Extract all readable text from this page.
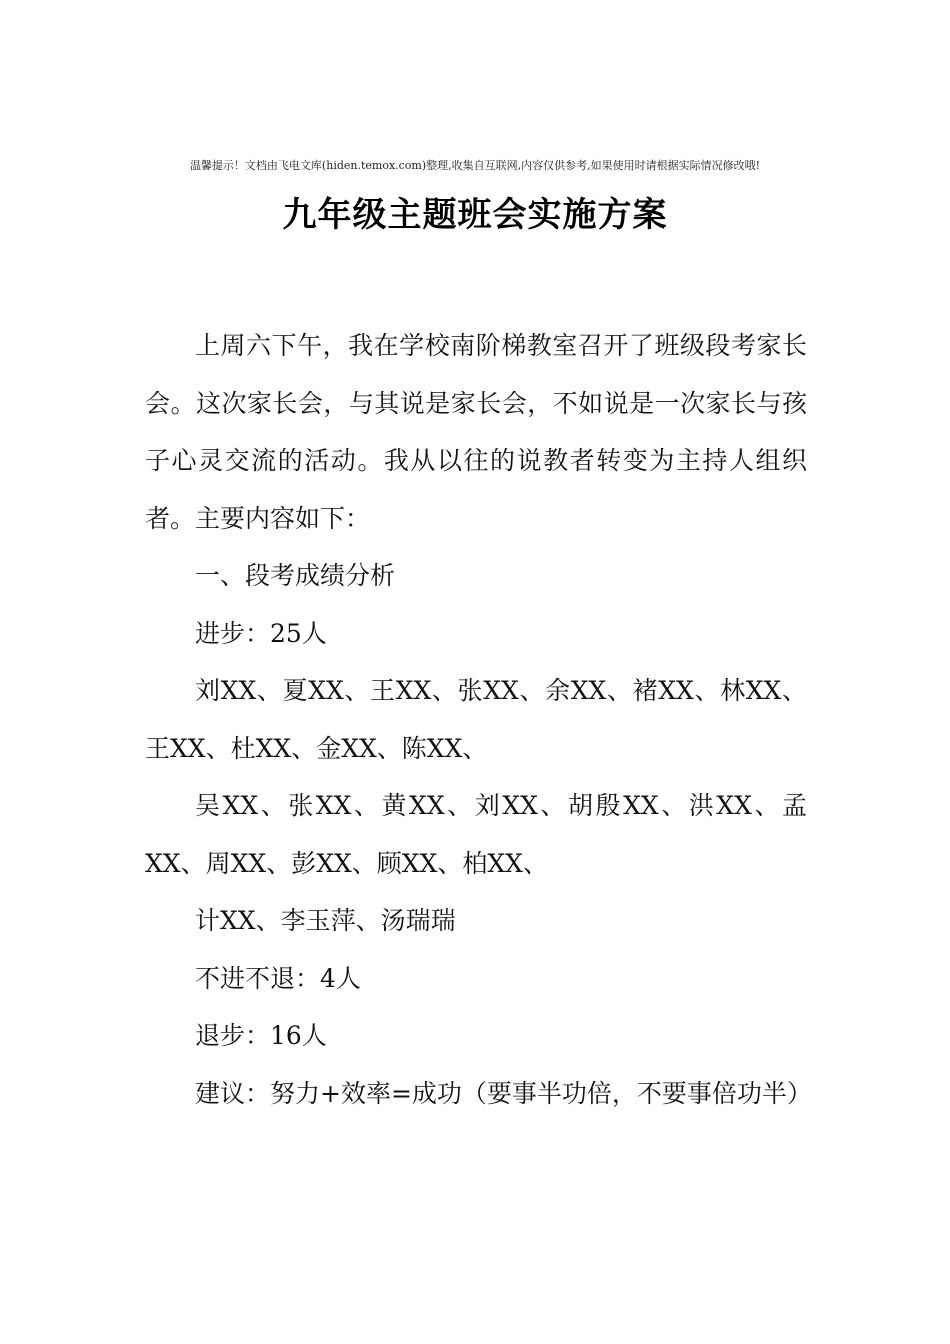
温馨提示！文档由飞电文库(hiden.temox.com)整理,收集自互联网,内容仅供参考,如果使用时请根据实际情况修改哦!
九年级主题班会实施方案

上周六下午，我在学校南阶梯教室召开了班级段考家长会。这次家长会，与其说是家长会，不如说是一次家长与孩子心灵交流的活动。我从以往的说教者转变为主持人组织者。主要内容如下：

一、段考成绩分析

进步：25人

刘XX、夏XX、王XX、张XX、余XX、褚XX、林XX、王XX、杜XX、金XX、陈XX、

吴XX、张XX、黄XX、刘XX、胡殷XX、洪XX、孟XX、周XX、彭XX、顾XX、柏XX、

计XX、李玉萍、汤瑞瑞

不进不退：4人

退步：16人

建议：努力+效率=成功（要事半功倍，不要事倍功半）
